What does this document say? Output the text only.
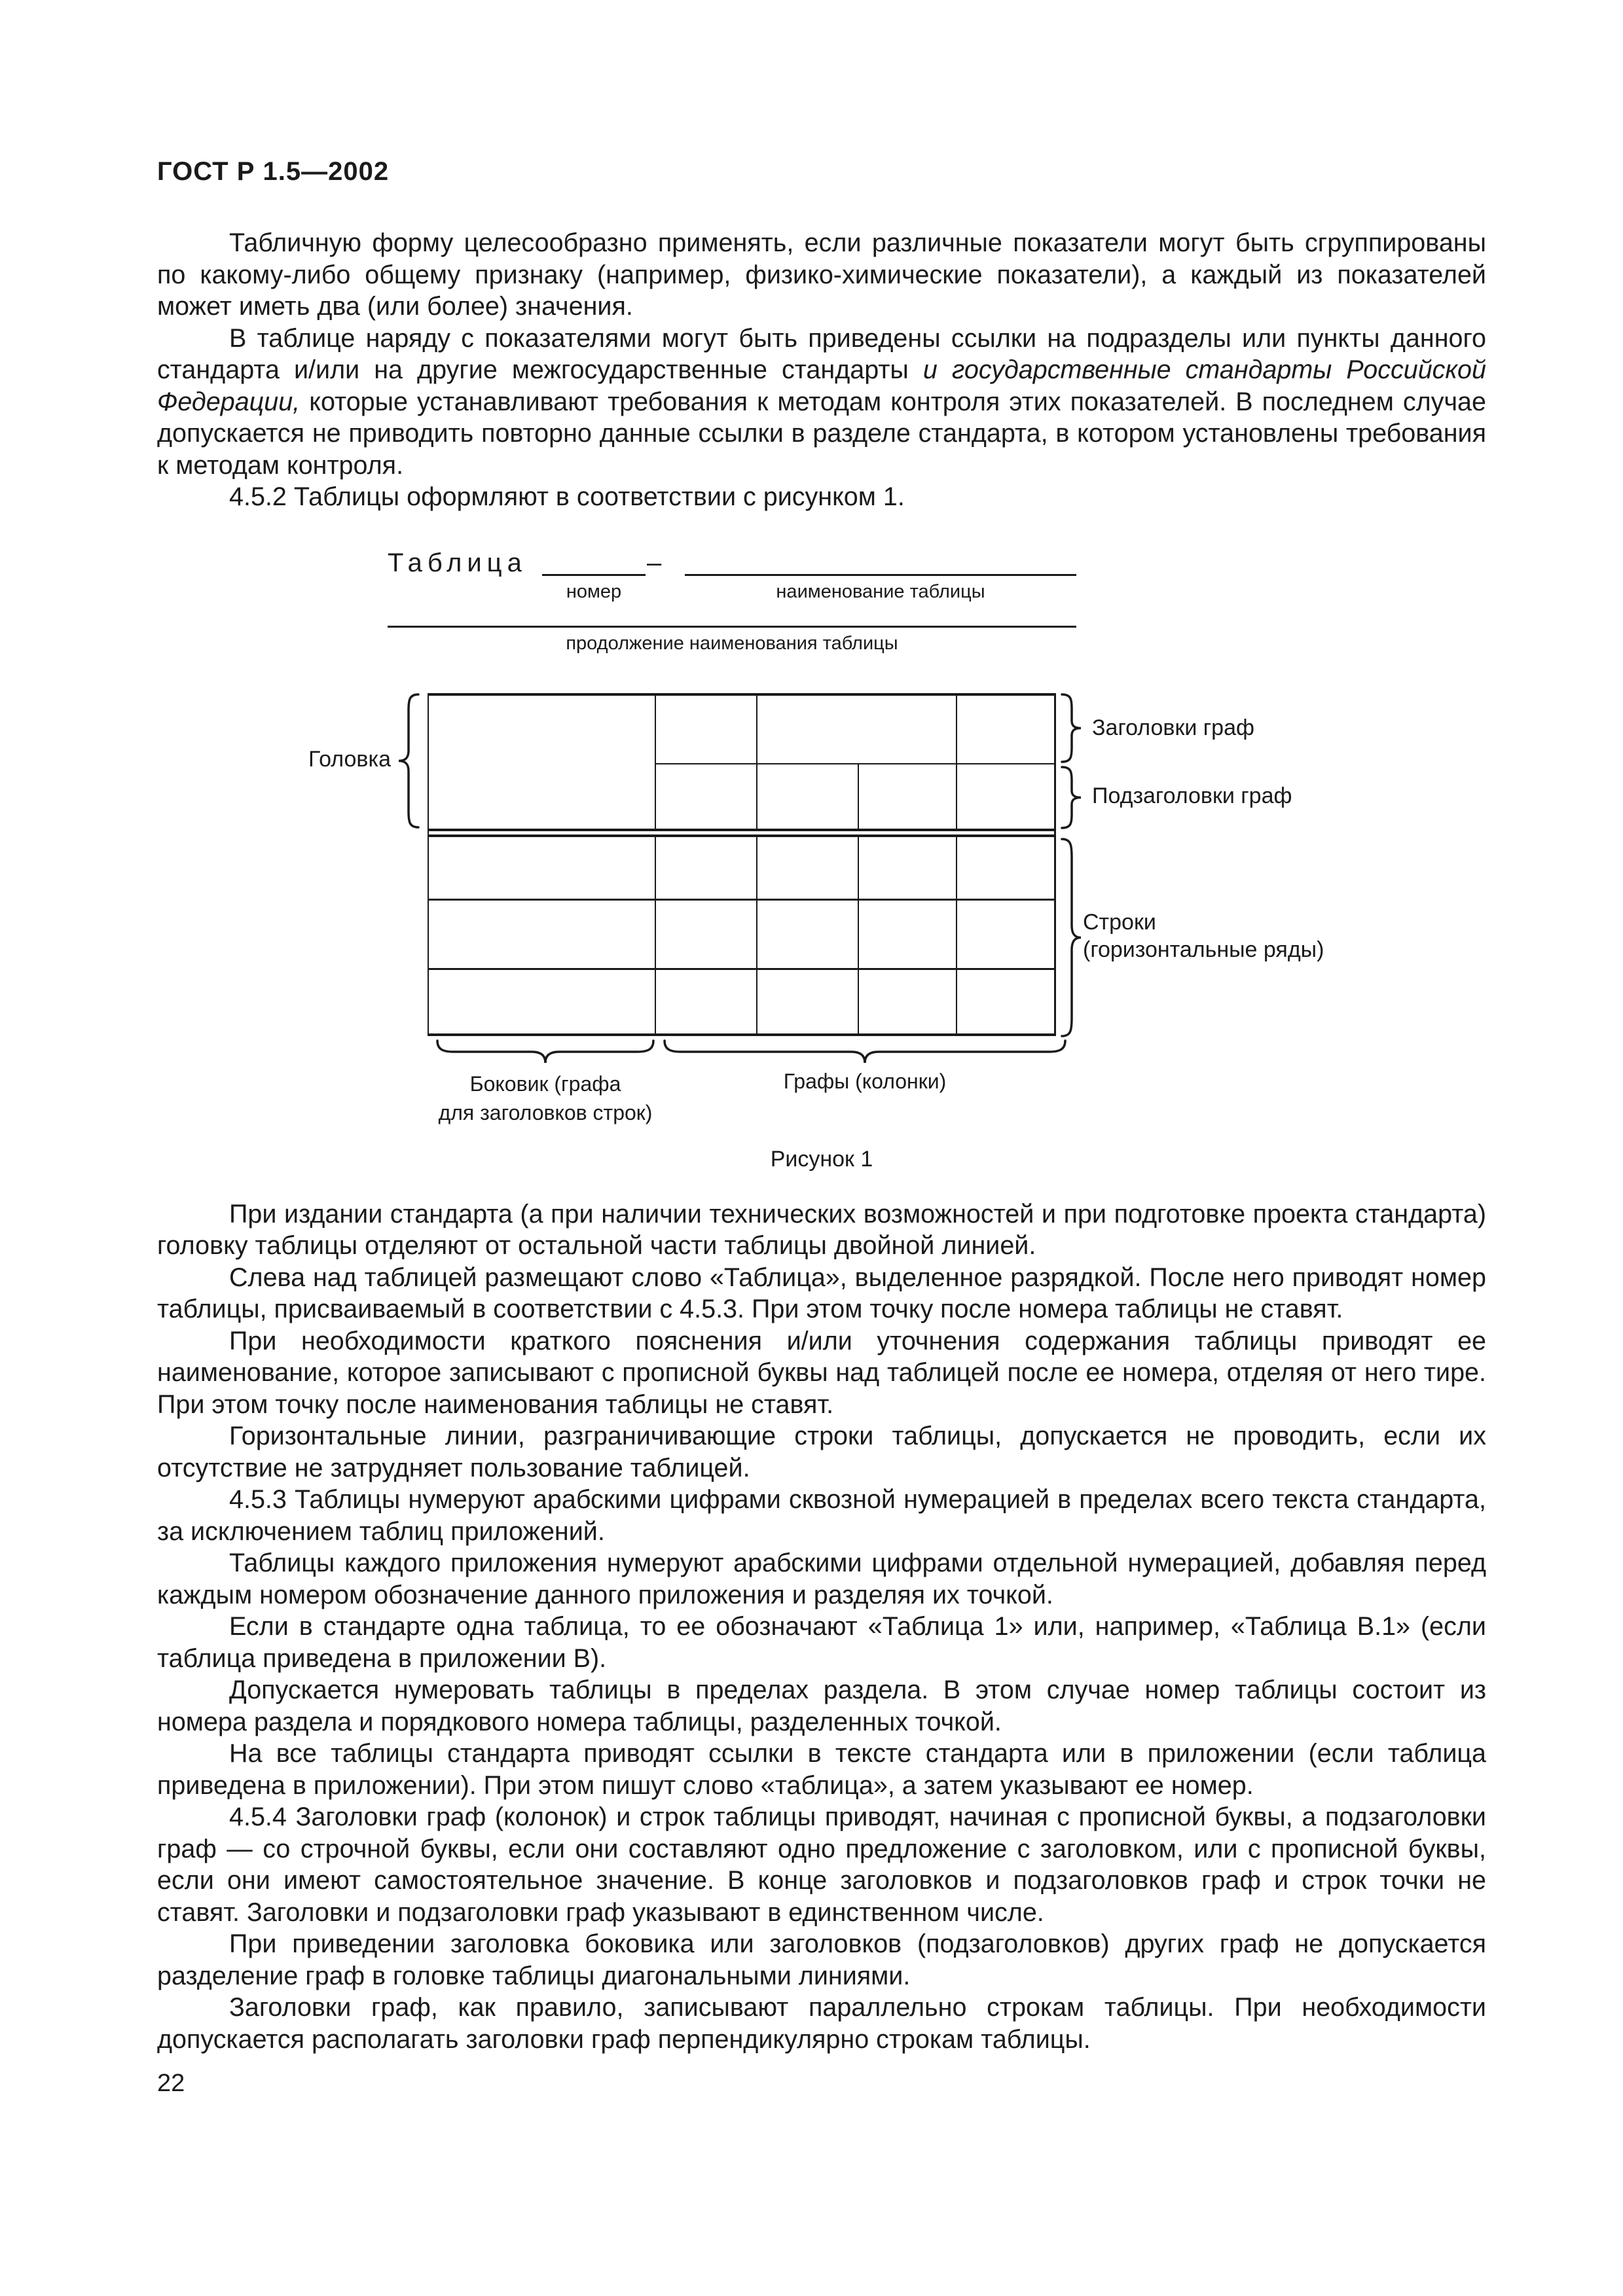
ГОСТ Р 1.5—2002

Табличную форму целесообразно применять, если различные показатели могут быть сгруппированы по какому-либо общему признаку (например, физико-химические показатели), а каждый из показателей может иметь два (или более) значения.

В таблице наряду с показателями могут быть приведены ссылки на подразделы или пункты данного стандарта и/или на другие межгосударственные стандарты и государственные стандарты Российской Федерации, которые устанавливают требования к методам контроля этих показателей. В последнем случае допускается не приводить повторно данные ссылки в разделе стандарта, в котором установлены требования к методам контроля.

4.5.2 Таблицы оформляют в соответствии с рисунком 1.

Таблица	–
номер	наименование таблицы
продолжение наименования таблицы
Головка
Заголовки граф
Подзаголовки граф
Строки
(горизонтальные ряды)
Боковик (графа
для заголовков строк)
Графы (колонки)
Рисунок 1

При издании стандарта (а при наличии технических возможностей и при подготовке проекта стандарта) головку таблицы отделяют от остальной части таблицы двойной линией.

Слева над таблицей размещают слово «Таблица», выделенное разрядкой. После него приводят номер таблицы, присваиваемый в соответствии с 4.5.3. При этом точку после номера таблицы не ставят.

При необходимости краткого пояснения и/или уточнения содержания таблицы приводят ее наименование, которое записывают с прописной буквы над таблицей после ее номера, отделяя от него тире. При этом точку после наименования таблицы не ставят.

Горизонтальные линии, разграничивающие строки таблицы, допускается не проводить, если их отсутствие не затрудняет пользование таблицей.

4.5.3 Таблицы нумеруют арабскими цифрами сквозной нумерацией в пределах всего текста стандарта, за исключением таблиц приложений.

Таблицы каждого приложения нумеруют арабскими цифрами отдельной нумерацией, добавляя перед каждым номером обозначение данного приложения и разделяя их точкой.

Если в стандарте одна таблица, то ее обозначают «Таблица 1» или, например, «Таблица В.1» (если таблица приведена в приложении В).

Допускается нумеровать таблицы в пределах раздела. В этом случае номер таблицы состоит из номера раздела и порядкового номера таблицы, разделенных точкой.

На все таблицы стандарта приводят ссылки в тексте стандарта или в приложении (если таблица приведена в приложении). При этом пишут слово «таблица», а затем указывают ее номер.

4.5.4 Заголовки граф (колонок) и строк таблицы приводят, начиная с прописной буквы, а подзаголовки граф — со строчной буквы, если они составляют одно предложение с заголовком, или с прописной буквы, если они имеют самостоятельное значение. В конце заголовков и подзаголовков граф и строк точки не ставят. Заголовки и подзаголовки граф указывают в единственном числе.

При приведении заголовка боковика или заголовков (подзаголовков) других граф не допускается разделение граф в головке таблицы диагональными линиями.

Заголовки граф, как правило, записывают параллельно строкам таблицы. При необходимости допускается располагать заголовки граф перпендикулярно строкам таблицы.

22
